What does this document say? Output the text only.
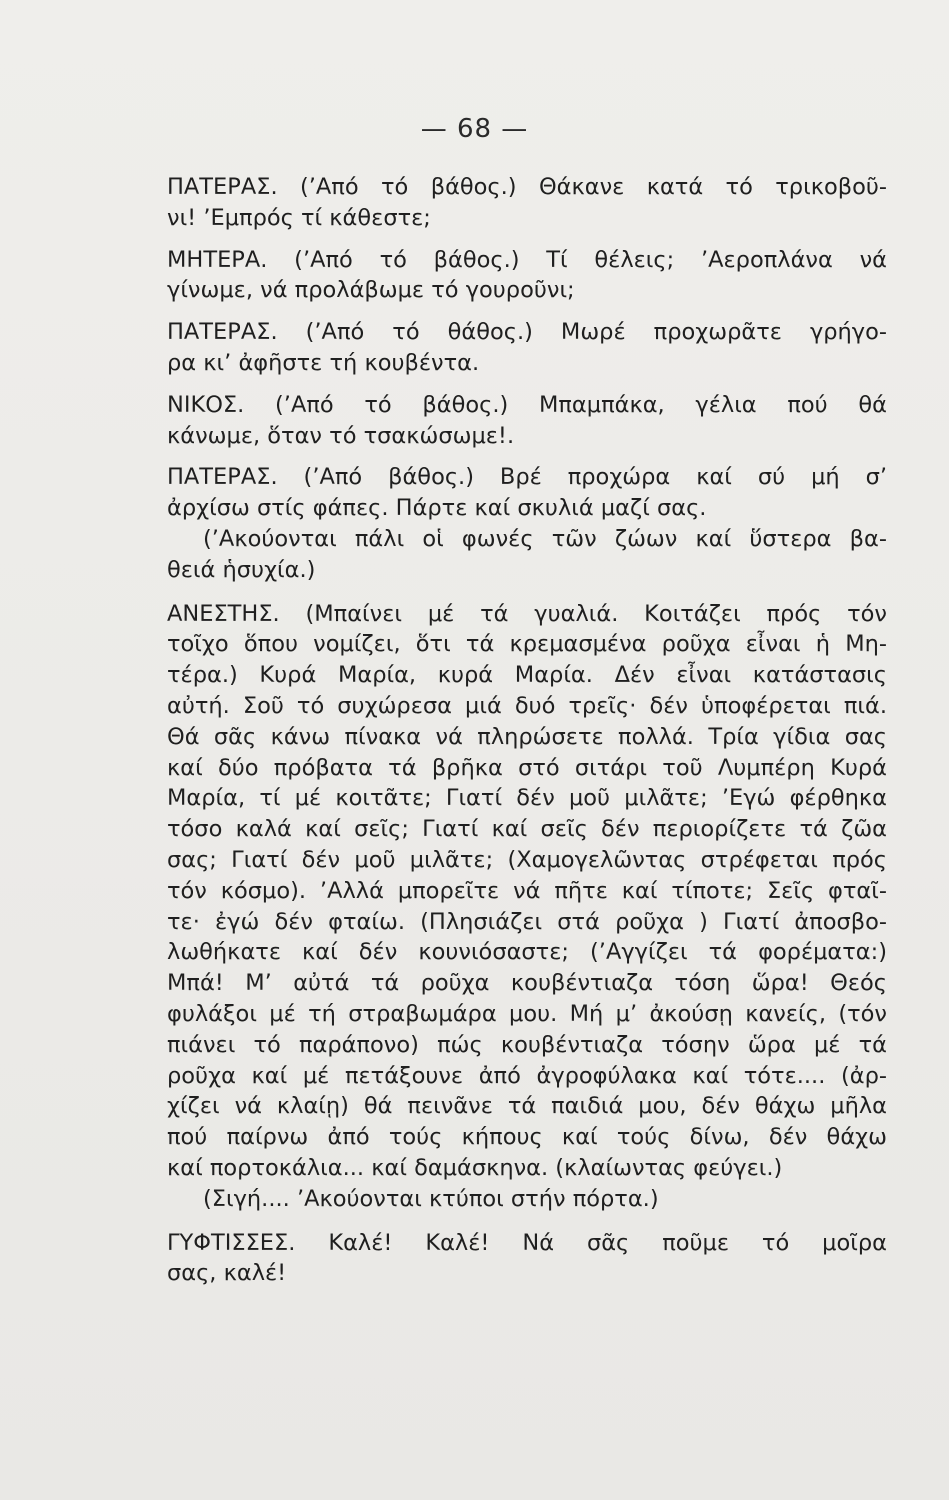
— 68 —
ΠΑΤΕΡΑΣ. (’Από τό βάθος.) Θάκανε κατά τό τρικοβοῦ-
νι! ’Εμπρός τί κάθεστε;
ΜΗΤΕΡΑ. (’Από τό βάθος.) Τί θέλεις; ’Αεροπλάνα νά
γίνωμε, νά προλάβωμε τό γουροῦνι;
ΠΑΤΕΡΑΣ. (’Από τό θάθος.) Μωρέ προχωρᾶτε γρήγο-
ρα κι’ ἀφῆστε τή κουβέντα.
ΝΙΚΟΣ. (’Από τό βάθος.) Μπαμπάκα, γέλια πού θά
κάνωμε, ὅταν τό τσακώσωμε!.
ΠΑΤΕΡΑΣ. (’Από βάθος.) Βρέ προχώρα καί σύ μή σ’
ἀρχίσω στίς φάπες. Πάρτε καί σκυλιά μαζί σας.
(’Ακούονται πάλι οἱ φωνές τῶν ζώων καί ὕστερα βα-
θειά ἡσυχία.)
ΑΝΕΣΤΗΣ. (Μπαίνει μέ τά γυαλιά. Κοιτάζει πρός τόν
τοῖχο ὅπου νομίζει, ὅτι τά κρεμασμένα ροῦχα εἶναι ἡ Μη-
τέρα.) Κυρά Μαρία, κυρά Μαρία. Δέν εἶναι κατάστασις
αὐτή. Σοῦ τό συχώρεσα μιά δυό τρεῖς· δέν ὑποφέρεται πιά.
Θά σᾶς κάνω πίνακα νά πληρώσετε πολλά. Τρία γίδια σας
καί δύο πρόβατα τά βρῆκα στό σιτάρι τοῦ Λυμπέρη Κυρά
Μαρία, τί μέ κοιτᾶτε; Γιατί δέν μοῦ μιλᾶτε; ’Εγώ φέρθηκα
τόσο καλά καί σεῖς; Γιατί καί σεῖς δέν περιορίζετε τά ζῶα
σας; Γιατί δέν μοῦ μιλᾶτε; (Χαμογελῶντας στρέφεται πρός
τόν κόσμο). ’Αλλά μπορεῖτε νά πῆτε καί τίποτε; Σεῖς φταῖ-
τε· ἐγώ δέν φταίω. (Πλησιάζει στά ροῦχα ) Γιατί ἀποσβο-
λωθήκατε καί δέν κουνιόσαστε; (’Αγγίζει τά φορέματα:)
Μπά! Μ’ αὐτά τά ροῦχα κουβέντιαζα τόση ὥρα! Θεός
φυλάξοι μέ τή στραβωμάρα μου. Μή μ’ ἀκούσῃ κανείς, (τόν
πιάνει τό παράπονο) πώς κουβέντιαζα τόσην ὥρα μέ τά
ροῦχα καί μέ πετάξουνε ἀπό ἀγροφύλακα καί τότε.... (ἀρ-
χίζει νά κλαίῃ) θά πεινᾶνε τά παιδιά μου, δέν θάχω μῆλα
πού παίρνω ἀπό τούς κήπους καί τούς δίνω, δέν θάχω
καί πορτοκάλια... καί δαμάσκηνα. (κλαίωντας φεύγει.)
(Σιγή.... ’Ακούονται κτύποι στήν πόρτα.)
ΓΥΦΤΙΣΣΕΣ. Καλέ! Καλέ! Νά σᾶς ποῦμε τό μοῖρα
σας, καλέ!
